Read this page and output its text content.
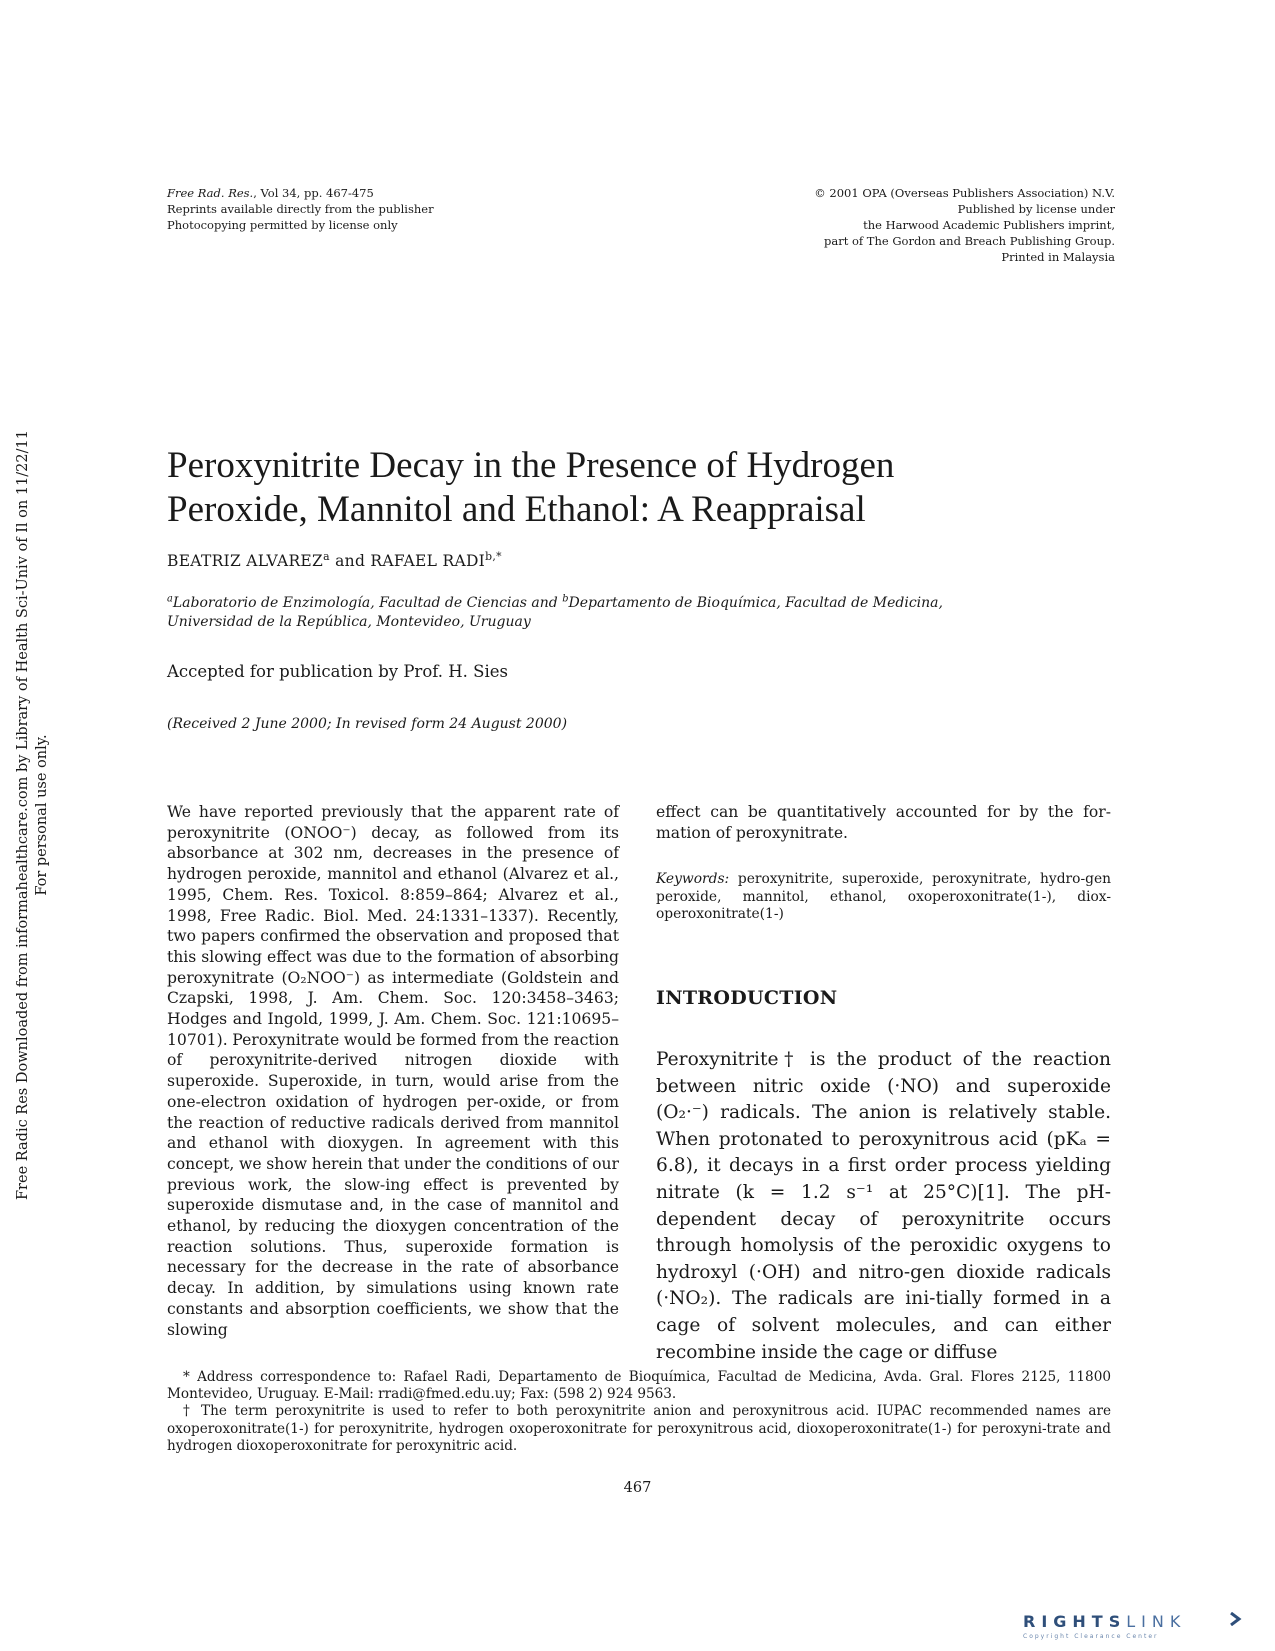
Free Rad. Res., Vol 34, pp. 467-475
Reprints available directly from the publisher
Photocopying permitted by license only
© 2001 OPA (Overseas Publishers Association) N.V.
Published by license under
the Harwood Academic Publishers imprint,
part of The Gordon and Breach Publishing Group.
Printed in Malaysia
Free Radic Res Downloaded from informahealthcare.com by Library of Health Sci-Univ of Il on 11/22/11 For personal use only.
Peroxynitrite Decay in the Presence of Hydrogen
Peroxide, Mannitol and Ethanol: A Reappraisal
BEATRIZ ALVAREZ$^a$ and RAFAEL $RADI^{b,*}$
$^a$Laboratorio de Enzimología, Facultad de Ciencias and $^b$Departamento de Bioquímica, Facultad de Medicina, Universidad de la República, Montevideo, Uruguay
Accepted for publication by Prof. H. Sies
(Received 2 June 2000; In revised form 24 August 2000)

We have reported previously that the apparent rate of peroxynitrite (ONOO⁻) decay, as followed from its absorbance at 302 nm, decreases in the presence of hydrogen peroxide, mannitol and ethanol (Alvarez et al., 1995, Chem. Res. Toxicol. 8:859–864; Alvarez et al., 1998, Free Radic. Biol. Med. 24:1331–1337). Recently, two papers confirmed the observation and proposed that this slowing effect was due to the formation of absorbing peroxynitrate (O₂NOO⁻) as intermediate (Goldstein and Czapski, 1998, J. Am. Chem. Soc. 120:3458–3463; Hodges and Ingold, 1999, J. Am. Chem. Soc. 121:10695–10701). Peroxynitrate would be formed from the reaction of peroxynitrite-derived nitrogen dioxide with superoxide. Superoxide, in turn, would arise from the one-electron oxidation of hydrogen per-oxide, or from the reaction of reductive radicals derived from mannitol and ethanol with dioxygen. In agreement with this concept, we show herein that under the conditions of our previous work, the slow-ing effect is prevented by superoxide dismutase and, in the case of mannitol and ethanol, by reducing the dioxygen concentration of the reaction solutions. Thus, superoxide formation is necessary for the decrease in the rate of absorbance decay. In addition, by simulations using known rate constants and absorption coefficients, we show that the slowing

effect can be quantitatively accounted for by the for-mation of peroxynitrate.

Keywords: peroxynitrite, superoxide, peroxynitrate, hydro-gen peroxide, mannitol, ethanol, oxoperoxonitrate(1-), diox-operoxonitrate(1-)
INTRODUCTION

Peroxynitrite† is the product of the reaction between nitric oxide (·NO) and superoxide (O₂·⁻) radicals. The anion is relatively stable. When protonated to peroxynitrous acid (pKₐ = 6.8), it decays in a first order process yielding nitrate (k = 1.2 s⁻¹ at 25°C)[1]. The pH-dependent decay of peroxynitrite occurs through homolysis of the peroxidic oxygens to hydroxyl (·OH) and nitro-gen dioxide radicals (·NO₂). The radicals are ini-tially formed in a cage of solvent molecules, and can either recombine inside the cage or diffuse

* Address correspondence to: Rafael Radi, Departamento de Bioquímica, Facultad de Medicina, Avda. Gral. Flores 2125, 11800 Montevideo, Uruguay. E-Mail: rradi@fmed.edu.uy; Fax: (598 2) 924 9563.

† The term peroxynitrite is used to refer to both peroxynitrite anion and peroxynitrous acid. IUPAC recommended names are oxoperoxonitrate(1-) for peroxynitrite, hydrogen oxoperoxonitrate for peroxynitrous acid, dioxoperoxonitrate(1-) for peroxyni-trate and hydrogen dioxoperoxonitrate for peroxynitric acid.

467
RIGHTSLINK
Copyright Clearance Center
